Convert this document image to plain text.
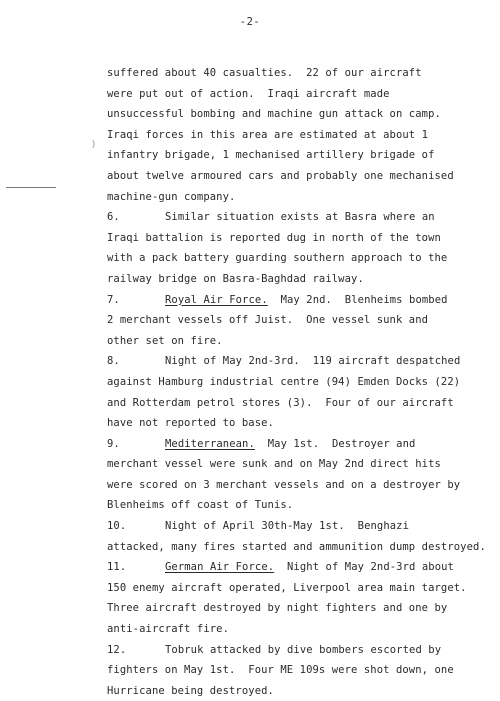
-2-
)
suffered about 40 casualties.  22 of our aircraft
were put out of action.  Iraqi aircraft made
unsuccessful bombing and machine gun attack on camp.
Iraqi forces in this area are estimated at about 1
infantry brigade, 1 mechanised artillery brigade of
about twelve armoured cars and probably one mechanised
machine-gun company.
6.	Similar situation exists at Basra where an
Iraqi battalion is reported dug in north of the town
with a pack battery guarding southern approach to the
railway bridge on Basra-Baghdad railway.
7.	Royal Air Force.  May 2nd.  Blenheims bombed
2 merchant vessels off Juist.  One vessel sunk and
other set on fire.
8.	Night of May 2nd-3rd.  119 aircraft despatched
against Hamburg industrial centre (94) Emden Docks (22)
and Rotterdam petrol stores (3).  Four of our aircraft
have not reported to base.
9.	Mediterranean.  May 1st.  Destroyer and
merchant vessel were sunk and on May 2nd direct hits
were scored on 3 merchant vessels and on a destroyer by
Blenheims off coast of Tunis.
10.	Night of April 30th-May 1st.  Benghazi
attacked, many fires started and ammunition dump destroyed.
11.	German Air Force.  Night of May 2nd-3rd about
150 enemy aircraft operated, Liverpool area main target.
Three aircraft destroyed by night fighters and one by
anti-aircraft fire.
12.	Tobruk attacked by dive bombers escorted by
fighters on May 1st.  Four ME 109s were shot down, one
Hurricane being destroyed.
